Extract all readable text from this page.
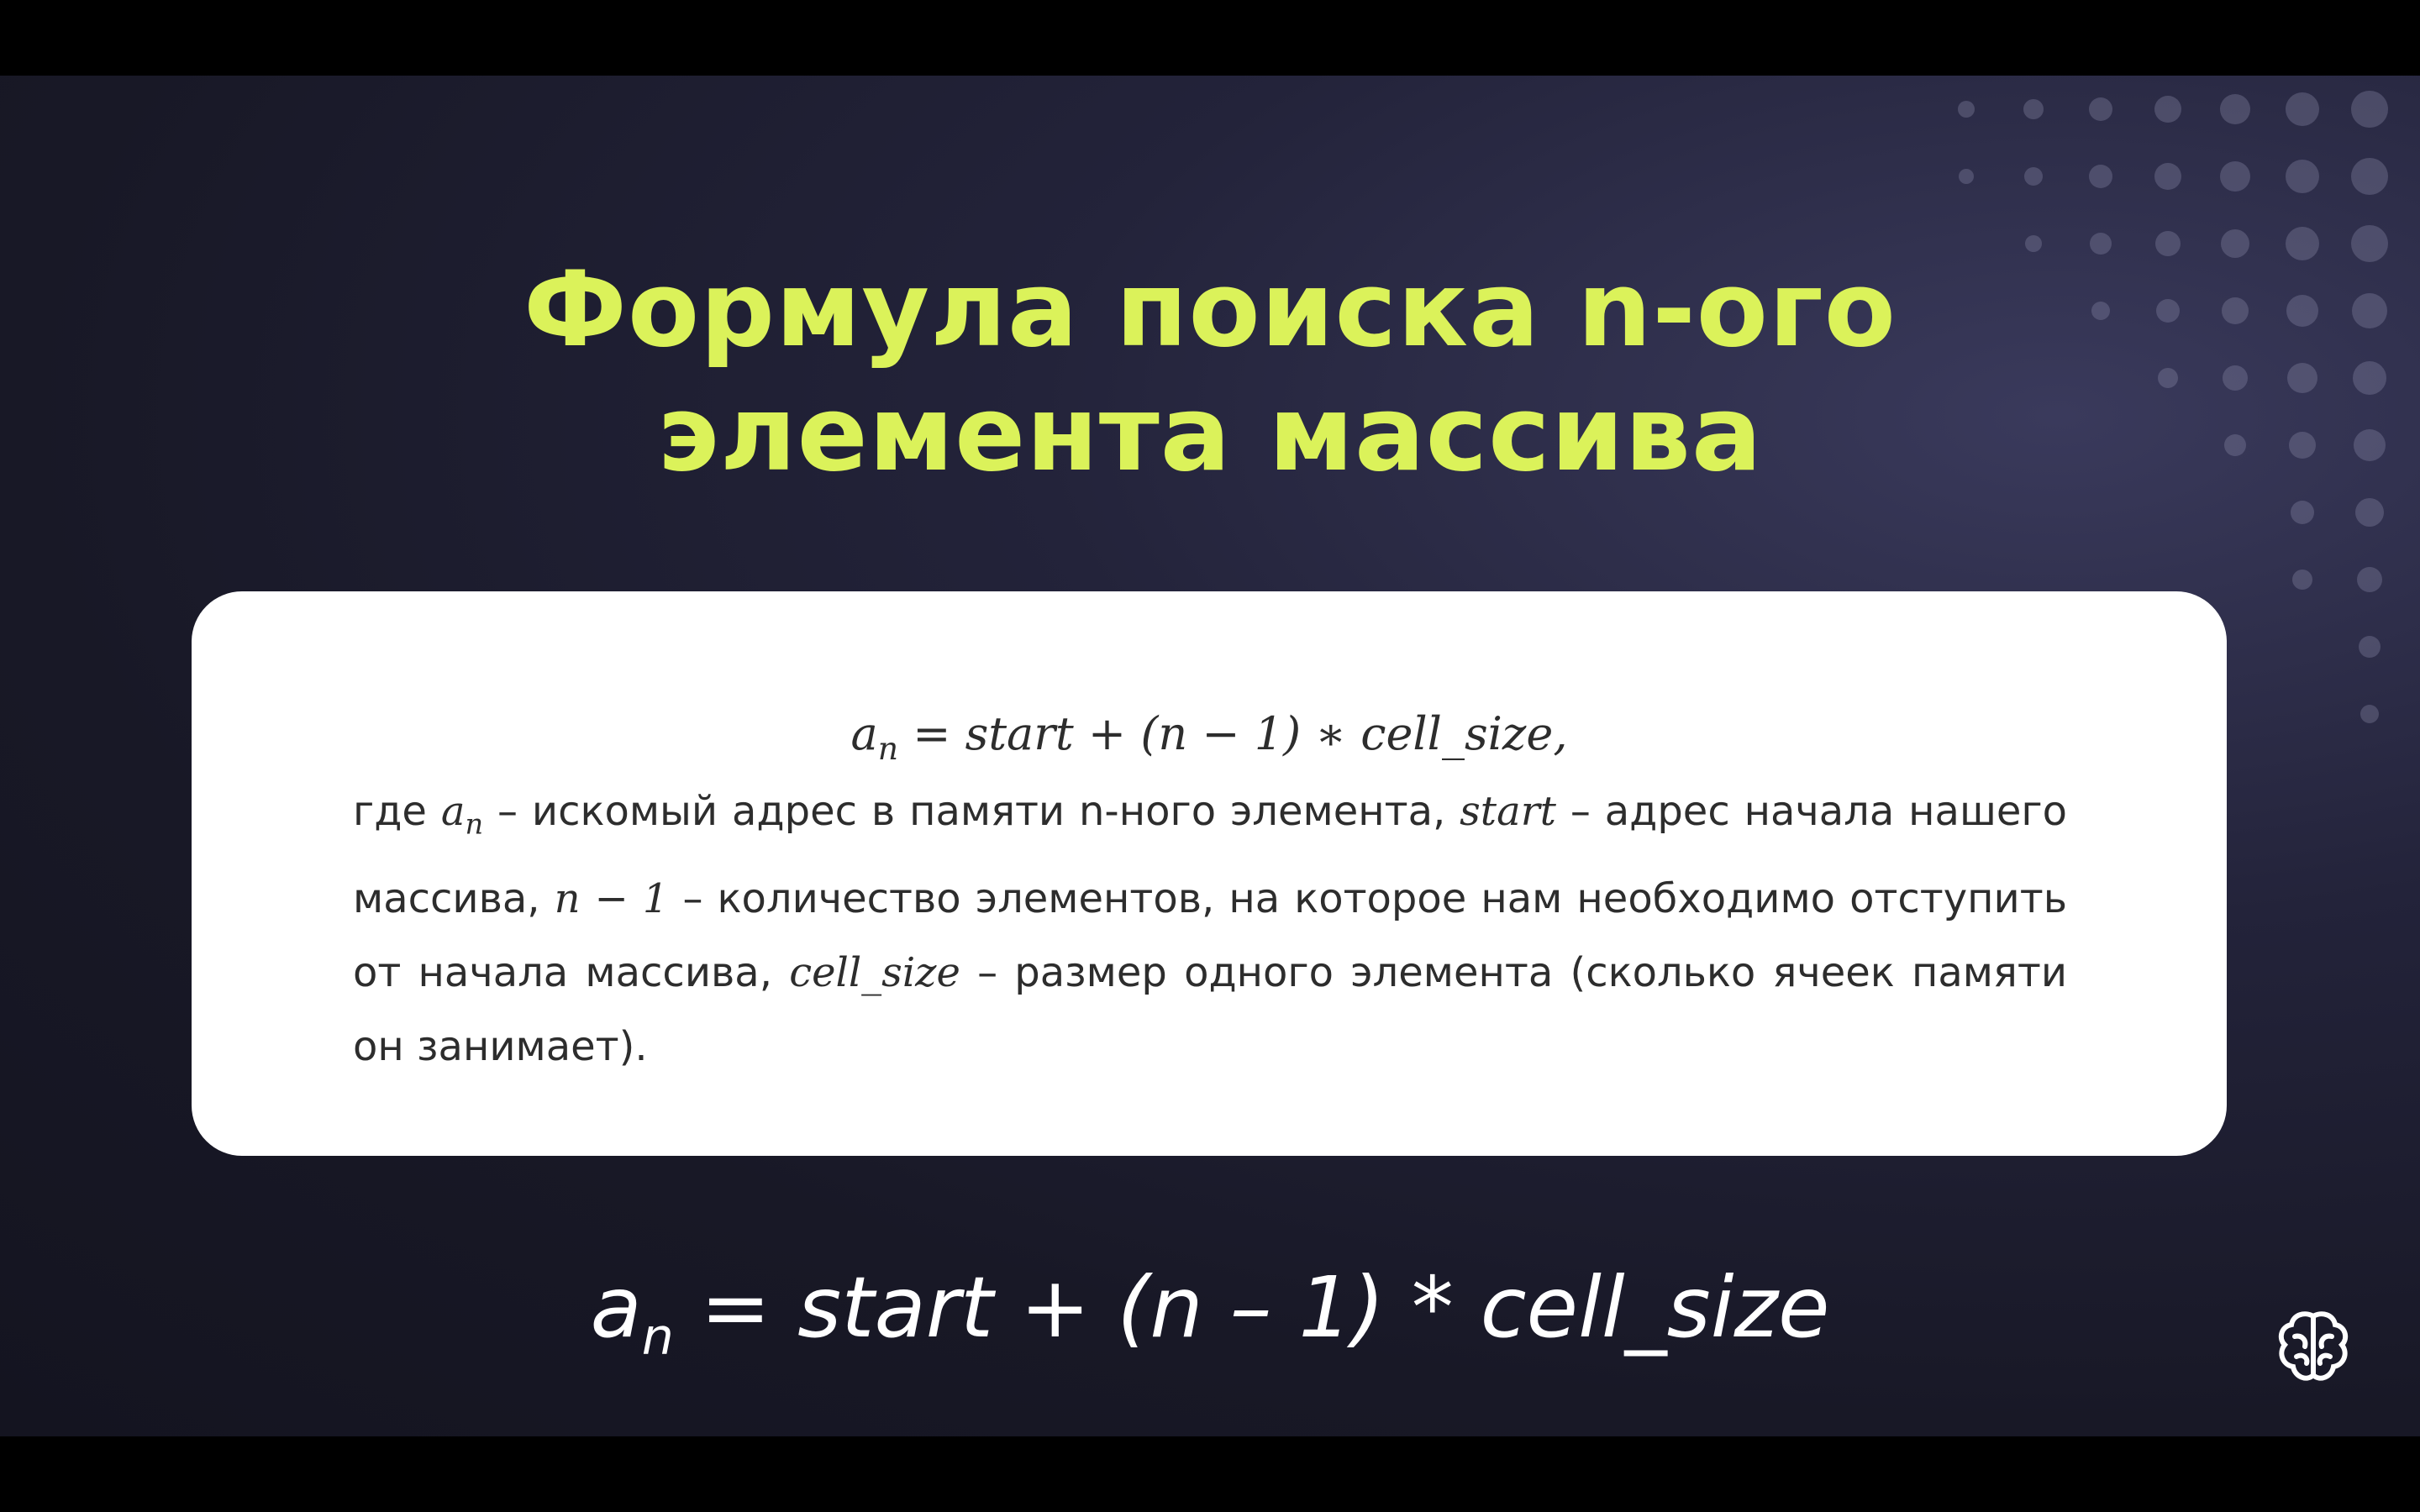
Формула поиска n-ого
элемента массива
$a_n$ = start + (n − 1) ∗ cell_size,
где $a_n$ – искомый адрес в памяти n-ного элемента, start – адрес начала нашего массива, n − 1 – количество элементов, на которое нам необходимо отступить от начала массива, cell_size – размер одного элемента (сколько ячеек памяти он занимает).
$a_n$ = start + (n – 1) * cell_size
